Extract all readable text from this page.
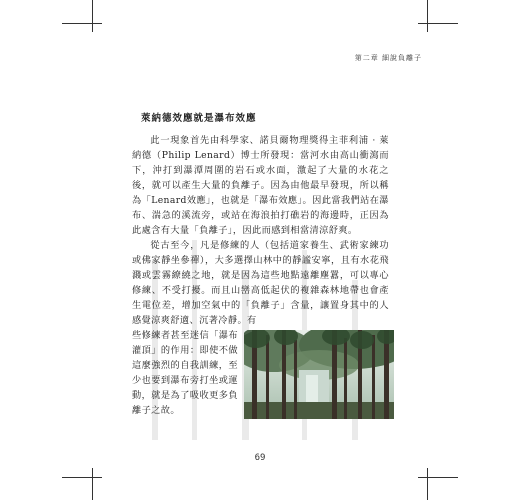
第二章 細說負離子
萊納德效應就是瀑布效應

此一現象首先由科學家、諾貝爾物理獎得主菲利浦 · 萊納德（Philip Lenard）博士所發現：當河水由高山衝瀉而下，沖打到瀑潭周圍的岩石或水面，激起了大量的水花之後，就可以產生大量的負離子。因為由他最早發現，所以稱為「Lenard效應」，也就是「瀑布效應」。因此當我們站在瀑布、湍急的溪流旁，或站在海浪拍打礁岩的海邊時，正因為此處含有大量「負離子」，因此而感到相當清涼舒爽。

從古至今，凡是修練的人（包括道家養生、武術家練功或佛家靜坐參禪），大多選擇山林中的靜謐安寧，且有水花飛濺或雲霧繚繞之地，就是因為這些地點遠離塵囂，可以專心修練、不受打擾。而且山巒高低起伏的複雜森林地帶也會產生電位差，增加空氣中的「負離子」含量，讓置身其中的人感覺涼爽舒適、沉著冷靜。有

些修練者甚至迷信「瀑布灌頂」的作用：即使不做這麼強烈的自我訓練，至少也要到瀑布旁打坐或運動，就是為了吸收更多負離子之故。
69
